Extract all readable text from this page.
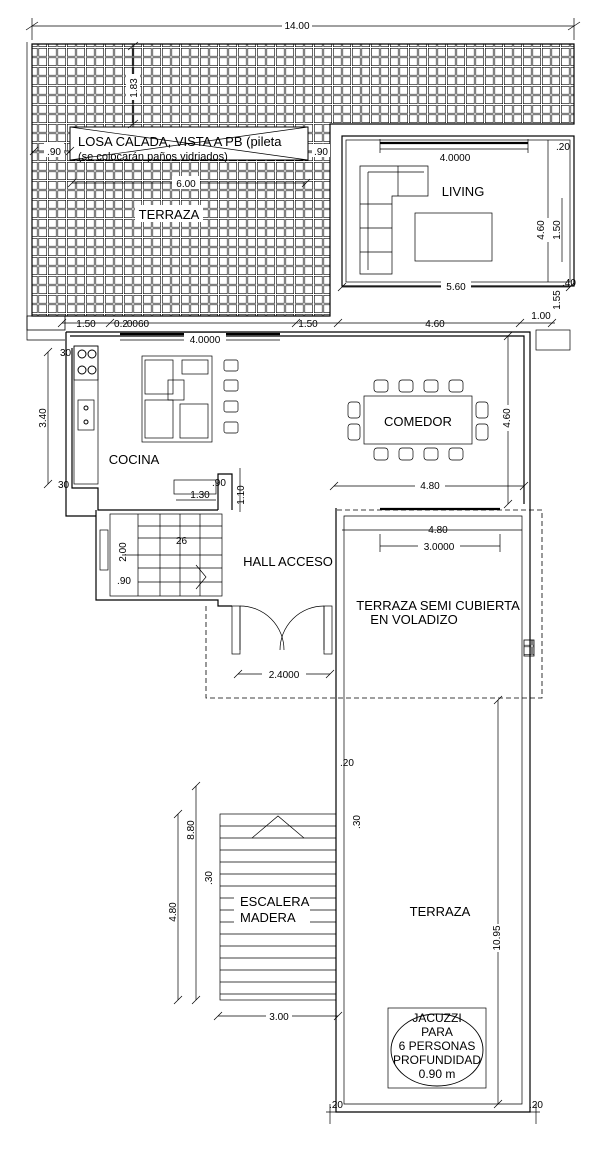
14.00
LOSA CALADA, VISTA A PB (pileta
(se colocarán paños vidriados)
1.83
.90	.90
6.00
TERRAZA
4.0000
LIVING
4.60
.20
1.50
1.55
.40
5.60
1.50 0.2
0060	1.50	4.60
1.00
4.0000
30
3.40
30
COCINA
COMEDOR	4.60
4.80
1.30
.90
1.10
2.00
26
.90
HALL ACCESO
2.4000
4.80
3.0000
TERRAZA SEMI CUBIERTA
EN VOLADIZO
.20
.30
ESCALERA
MADERA
8.80
.30
4.80
3.00
TERRAZA
10.95
JACUZZI
PARA
6 PERSONAS
PROFUNDIDAD
0.90 m
.20	.20
